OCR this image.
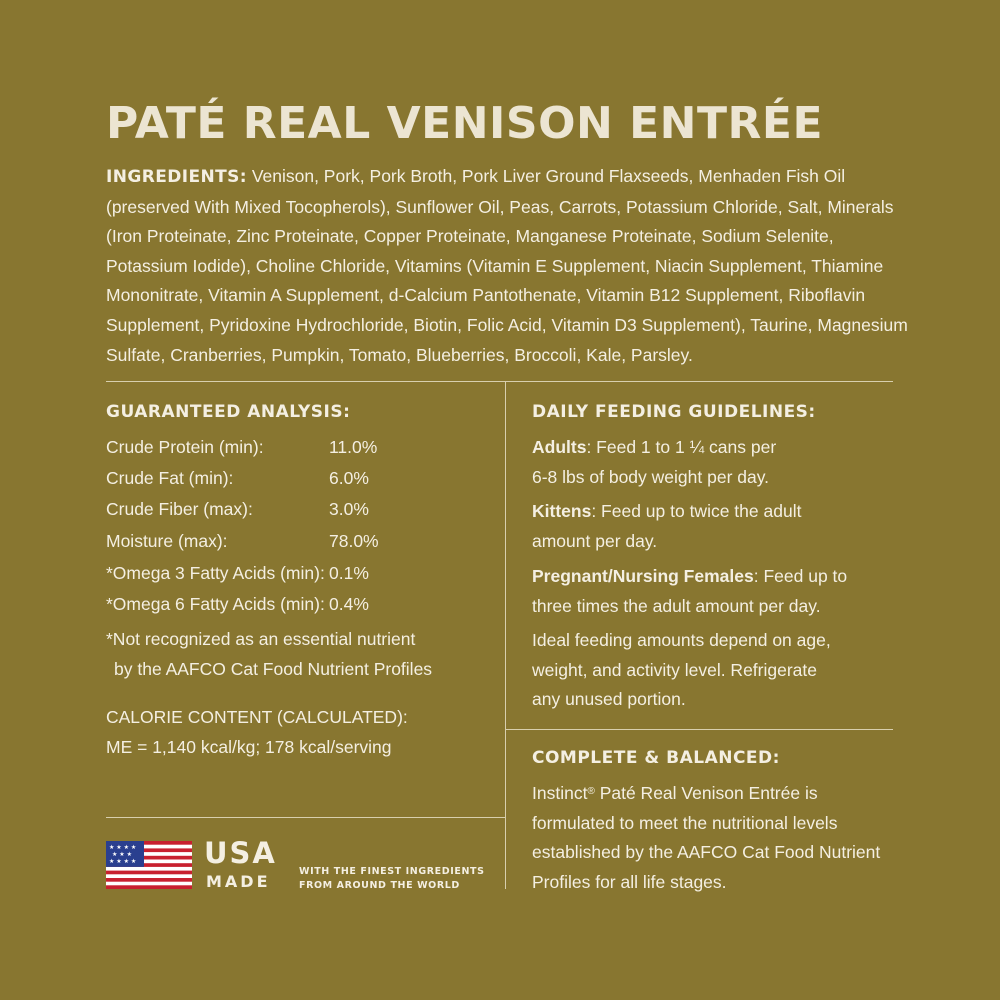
PATÉ REAL VENISON ENTRÉE

INGREDIENTS: Venison, Pork, Pork Broth, Pork Liver Ground Flaxseeds, Menhaden Fish Oil (preserved With Mixed Tocopherols), Sunflower Oil, Peas, Carrots, Potassium Chloride, Salt, Minerals (Iron Proteinate, Zinc Proteinate, Copper Proteinate, Manganese Proteinate, Sodium Selenite, Potassium Iodide), Choline Chloride, Vitamins (Vitamin E Supplement, Niacin Supplement, Thiamine Mononitrate, Vitamin A Supplement, d-Calcium Pantothenate, Vitamin B12 Supplement, Riboflavin Supplement, Pyridoxine Hydrochloride, Biotin, Folic Acid, Vitamin D3 Supplement), Taurine, Magnesium Sulfate, Cranberries, Pumpkin, Tomato, Blueberries, Broccoli, Kale, Parsley.

GUARANTEED ANALYSIS:
Crude Protein (min):	11.0%
Crude Fat (min):	6.0%
Crude Fiber (max):	3.0%
Moisture (max):	78.0%
*Omega 3 Fatty Acids (min): 0.1%
*Omega 6 Fatty Acids (min): 0.4%
*Not recognized as an essential nutrient
by the AAFCO Cat Food Nutrient Profiles
CALORIE CONTENT (CALCULATED):
ME = 1,140 kcal/kg; 178 kcal/serving
DAILY FEEDING GUIDELINES:
Adults: Feed 1 to 1 ¼ cans per
6-8 lbs of body weight per day.
Kittens: Feed up to twice the adult
amount per day.
Pregnant/Nursing Females: Feed up to
three times the adult amount per day.
Ideal feeding amounts depend on age,
weight, and activity level. Refrigerate
any unused portion.
COMPLETE & BALANCED:
Instinct® Paté Real Venison Entrée is
formulated to meet the nutritional levels
established by the AAFCO Cat Food Nutrient
Profiles for all life stages.
★ ★ ★ ★
★ ★ ★
★ ★ ★ ★ USA
MADE
WITH THE FINEST INGREDIENTS
FROM AROUND THE WORLD
